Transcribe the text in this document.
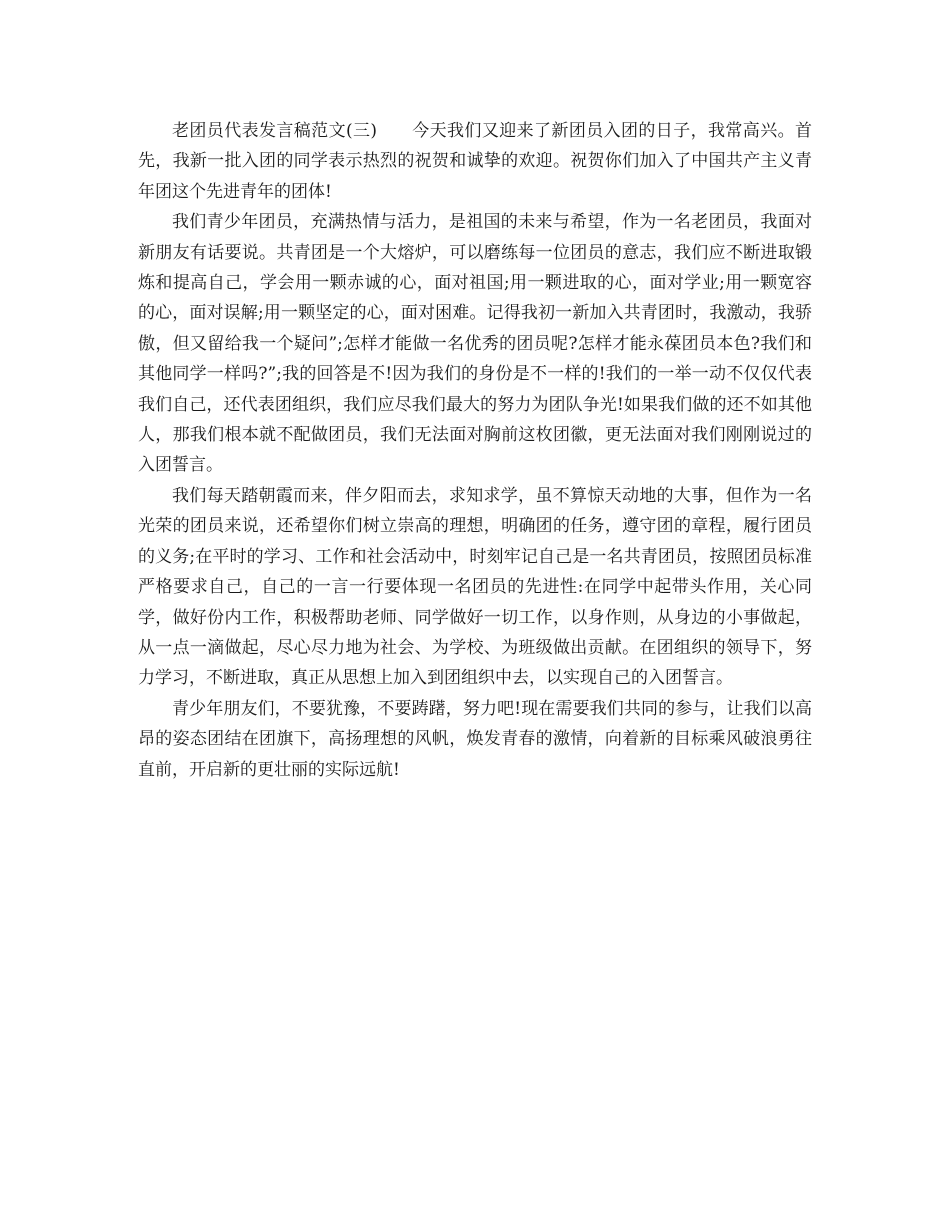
老团员代表发言稿范文(三)　　今天我们又迎来了新团员入团的日子，我常高兴。首先，我新一批入团的同学表示热烈的祝贺和诚挚的欢迎。祝贺你们加入了中国共产主义青年团这个先进青年的团体!

我们青少年团员，充满热情与活力，是祖国的未来与希望，作为一名老团员，我面对新朋友有话要说。共青团是一个大熔炉，可以磨练每一位团员的意志，我们应不断进取锻炼和提高自己，学会用一颗赤诚的心，面对祖国;用一颗进取的心，面对学业;用一颗宽容的心，面对误解;用一颗坚定的心，面对困难。记得我初一新加入共青团时，我激动，我骄傲，但又留给我一个疑问”;怎样才能做一名优秀的团员呢?怎样才能永葆团员本色?我们和其他同学一样吗?”;我的回答是不!因为我们的身份是不一样的!我们的一举一动不仅仅代表我们自己，还代表团组织，我们应尽我们最大的努力为团队争光!如果我们做的还不如其他人，那我们根本就不配做团员，我们无法面对胸前这枚团徽，更无法面对我们刚刚说过的入团誓言。

我们每天踏朝霞而来，伴夕阳而去，求知求学，虽不算惊天动地的大事，但作为一名光荣的团员来说，还希望你们树立崇高的理想，明确团的任务，遵守团的章程，履行团员的义务;在平时的学习、工作和社会活动中，时刻牢记自己是一名共青团员，按照团员标准严格要求自己，自己的一言一行要体现一名团员的先进性:在同学中起带头作用，关心同学，做好份内工作，积极帮助老师、同学做好一切工作，以身作则，从身边的小事做起，从一点一滴做起，尽心尽力地为社会、为学校、为班级做出贡献。在团组织的领导下，努力学习，不断进取，真正从思想上加入到团组织中去，以实现自己的入团誓言。

青少年朋友们，不要犹豫，不要踌躇，努力吧!现在需要我们共同的参与，让我们以高昂的姿态团结在团旗下，高扬理想的风帆，焕发青春的激情，向着新的目标乘风破浪勇往直前，开启新的更壮丽的实际远航!
